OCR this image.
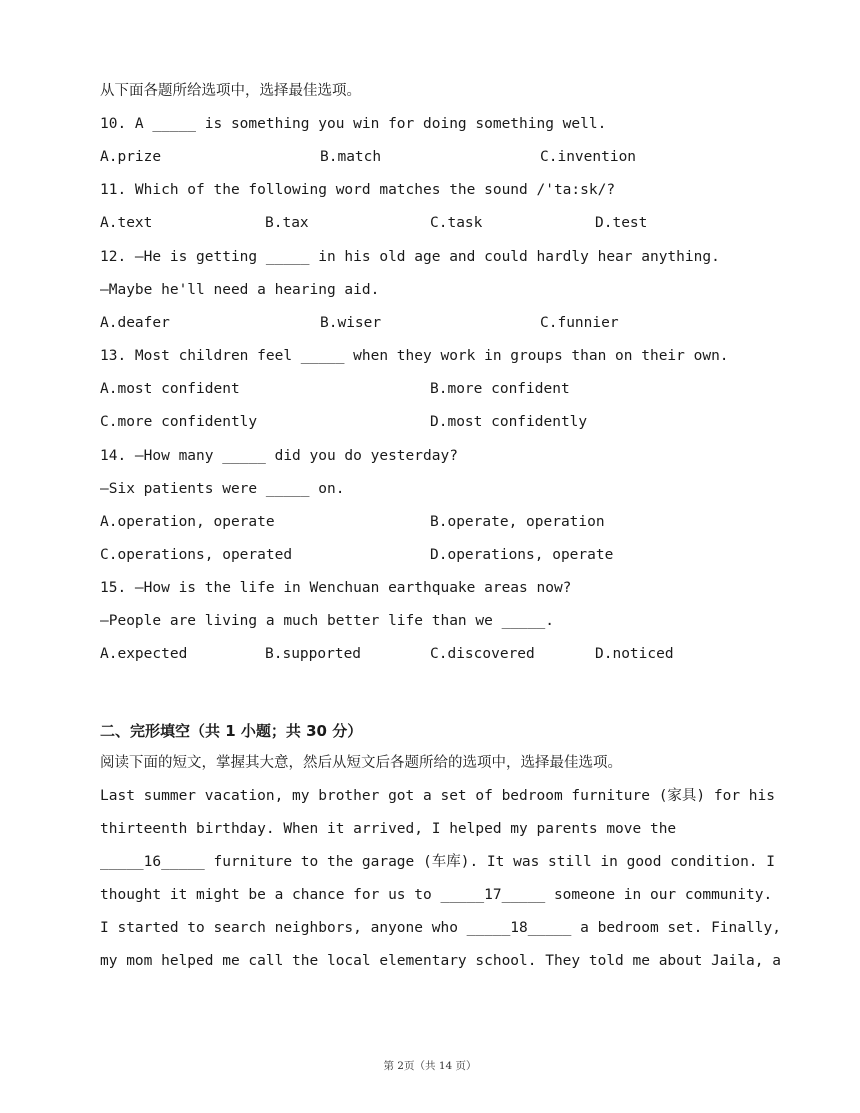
从下面各题所给选项中，选择最佳选项。
10. A _____ is something you win for doing something well.
A.prize	B.match	C.invention
11. Which of the following word matches the sound /'ta:sk/?
A.text	B.tax	C.task	D.test
12. —He is getting _____ in his old age and could hardly hear anything.
—Maybe he'll need a hearing aid.
A.deafer	B.wiser	C.funnier
13. Most children feel _____ when they work in groups than on their own.
A.most confident	B.more confident
C.more confidently	D.most confidently
14. —How many _____ did you do yesterday?
—Six patients were _____ on.
A.operation, operate	B.operate, operation
C.operations, operated	D.operations, operate
15. —How is the life in Wenchuan earthquake areas now?
—People are living a much better life than we _____.
A.expected	B.supported	C.discovered	D.noticed
二、完形填空（共 1 小题；共 30 分）
阅读下面的短文，掌握其大意，然后从短文后各题所给的选项中，选择最佳选项。
Last summer vacation, my brother got a set of bedroom furniture (家具) for his
thirteenth birthday. When it arrived, I helped my parents move the
_____16_____ furniture to the garage (车库). It was still in good condition. I
thought it might be a chance for us to _____17_____ someone in our community.
I started to search neighbors, anyone who _____18_____ a bedroom set. Finally,
my mom helped me call the local elementary school. They told me about Jaila, a
第 2页（共 14 页）
